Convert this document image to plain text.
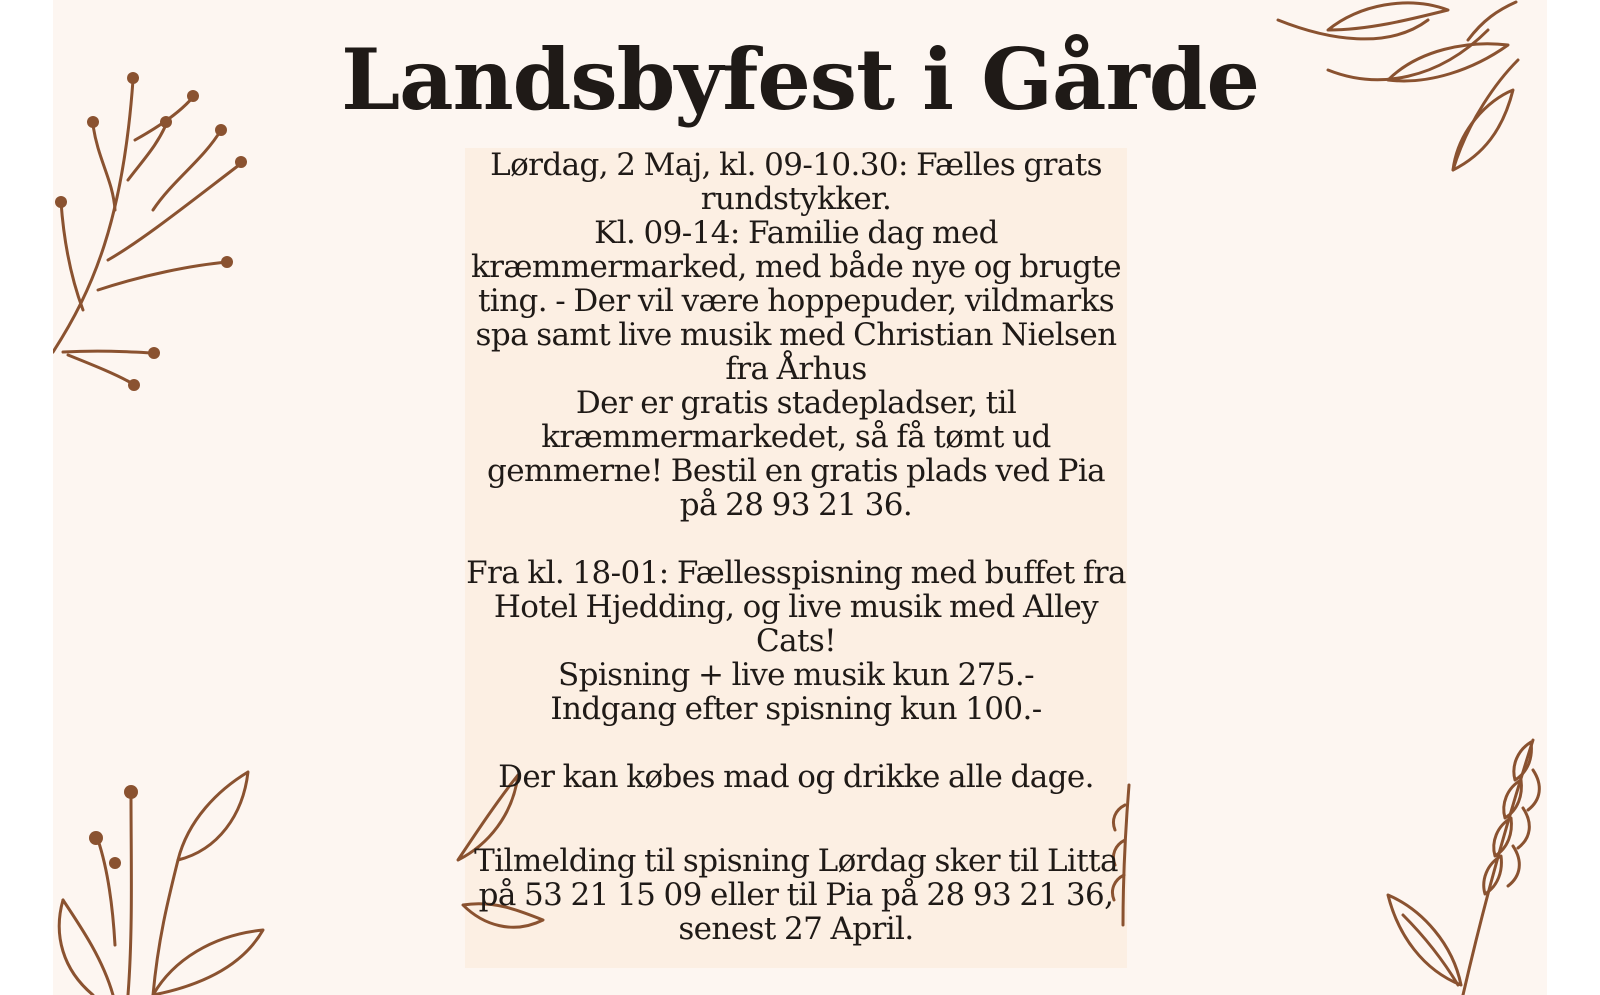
Landsbyfest i Gårde

Lørdag, 2 Maj, kl. 09-10.30: Fælles grats rundstykker.

Kl. 09-14: Familie dag med kræmmermarked, med både nye og brugte ting. - Der vil være hoppepuder, vildmarks spa samt live musik med Christian Nielsen fra Århus

Der er gratis stadepladser, til kræmmermarkedet, så få tømt ud gemmerne! Bestil en gratis plads ved Pia på 28 93 21 36.

Fra kl. 18-01: Fællesspisning med buffet fra Hotel Hjedding, og live musik med Alley Cats!

Spisning + live musik kun 275.-

Indgang efter spisning kun 100.-

Der kan købes mad og drikke alle dage.

Tilmelding til spisning Lørdag sker til Litta på 53 21 15 09 eller til Pia på 28 93 21 36, senest 27 April.
